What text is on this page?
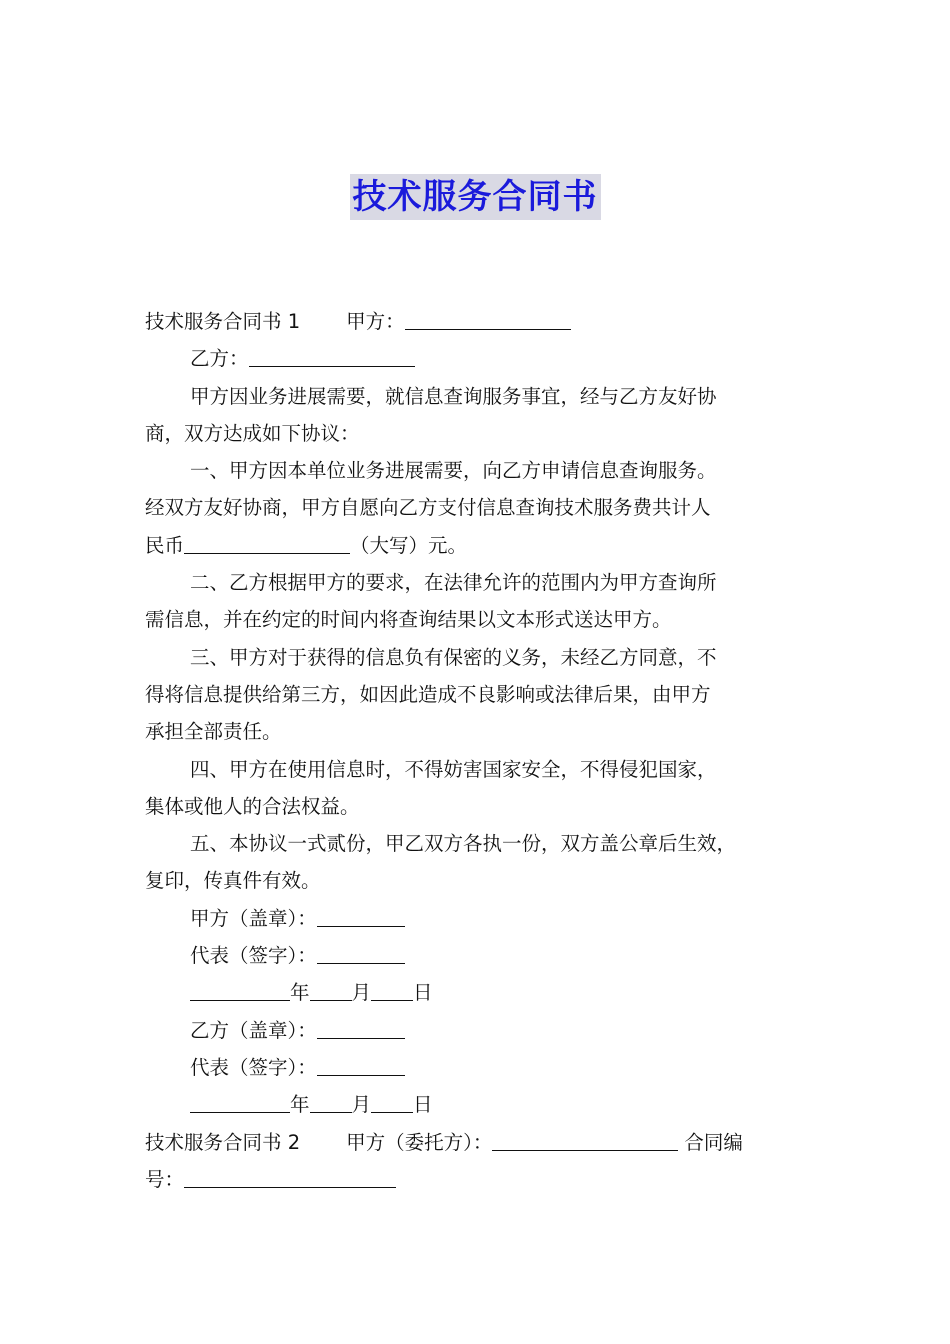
技术服务合同书
技术服务合同书 1 甲方：
乙方：
甲方因业务进展需要，就信息查询服务事宜，经与乙方友好协
商，双方达成如下协议：
一、甲方因本单位业务进展需要，向乙方申请信息查询服务。
经双方友好协商，甲方自愿向乙方支付信息查询技术服务费共计人
民币	（大写）元。
二、乙方根据甲方的要求，在法律允许的范围内为甲方查询所
需信息，并在约定的时间内将查询结果以文本形式送达甲方。
三、甲方对于获得的信息负有保密的义务，未经乙方同意，不
得将信息提供给第三方，如因此造成不良影响或法律后果，由甲方
承担全部责任。
四、甲方在使用信息时，不得妨害国家安全，不得侵犯国家，
集体或他人的合法权益。
五、本协议一式贰份，甲乙双方各执一份，双方盖公章后生效，
复印，传真件有效。
甲方（盖章）：
代表（签字）：
年 月 日
乙方（盖章）：
代表（签字）：
年 月 日
技术服务合同书 2 甲方（委托方）：	合同编
号：
